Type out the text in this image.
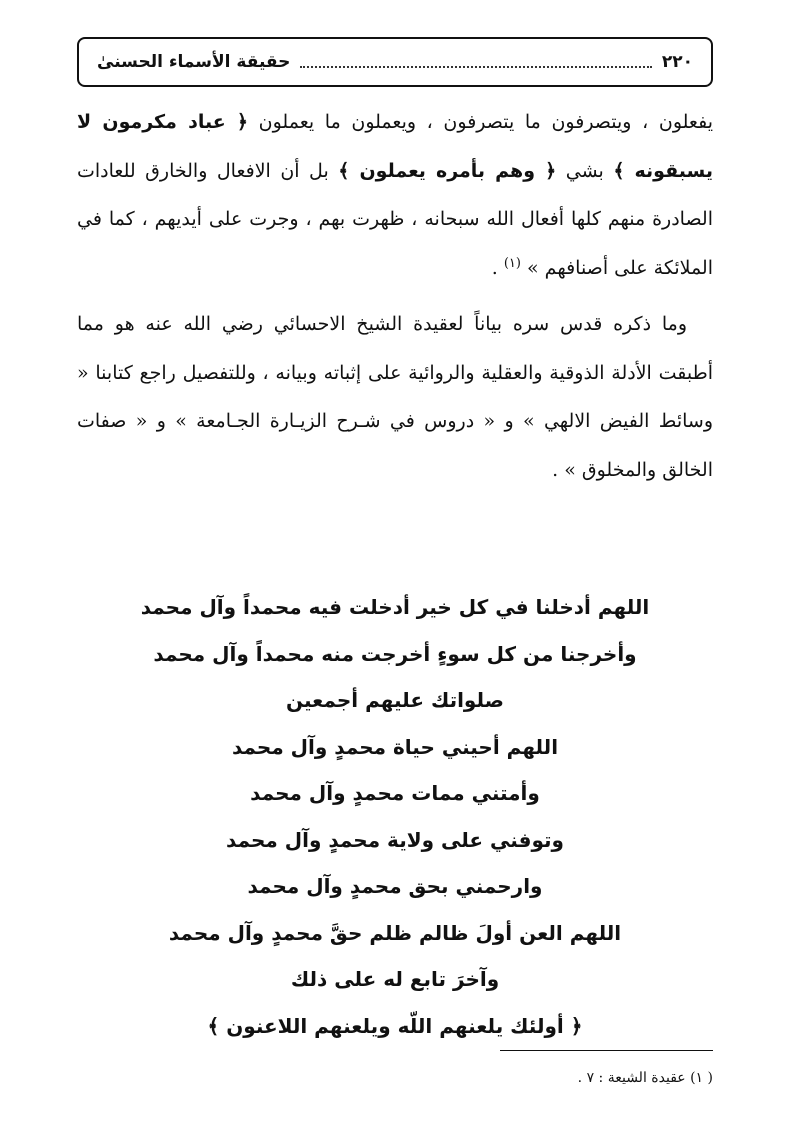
٢٢٠
حقيقة الأسماء الحسنىٰ

يفعلون ، ويتصرفون ما يتصرفون ، ويعملون ما يعملون ﴿ عباد مكرمون لا يسبقونه ﴾ بشي ﴿ وهم بأمره يعملون ﴾ بل أن الافعال والخارق للعادات الصادرة منهم كلها أفعال الله سبحانه ، ظهرت بهم ، وجرت على أيديهم ، كما في الملائكة على أصنافهم » $^{(١)}$ .

وما ذكره قدس سره بياناً لعقيدة الشيخ الاحسائي رضي الله عنه هو مما أطبقت الأدلة الذوقية والعقلية والروائية على إثباته وبيانه ، وللتفصيل راجع كتابنا « وسائط الفيض الالهي » و « دروس في شـرح الزيـارة الجـامعة » و « صفات الخالق والمخلوق » .

اللهم أدخلنا في كل خير أدخلت فيه محمداً وآل محمد
وأخرجنا من كل سوءٍ أخرجت منه محمداً وآل محمد
صلواتك عليهم أجمعين
اللهم أحيني حياة محمدٍ وآل محمد
وأمتني ممات محمدٍ وآل محمد
وتوفني على ولاية محمدٍ وآل محمد
وارحمني بحق محمدٍ وآل محمد
اللهم العن أولَ ظالم ظلم حقَّ محمدٍ وآل محمد
وآخرَ تابع له على ذلك
﴿ أولئك يلعنهم اللّه ويلعنهم اللاعنون ﴾
( ١) عقيدة الشيعة : ٧ .
